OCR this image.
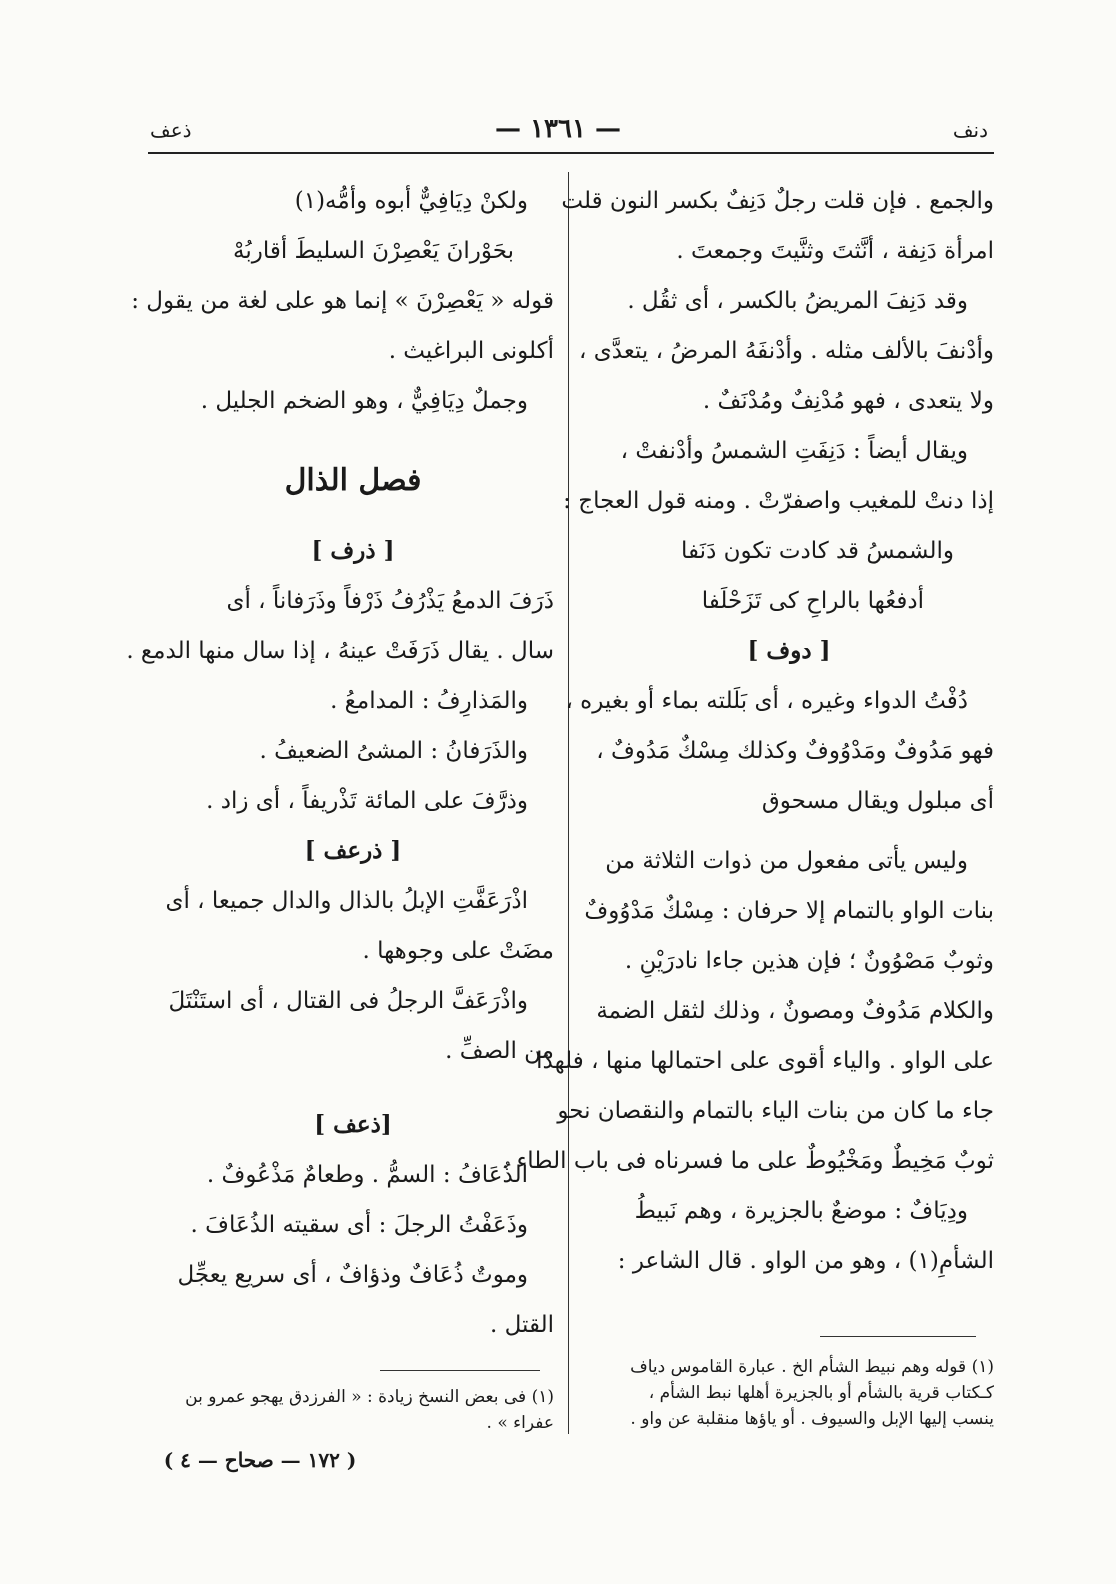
دنف
— ١٣٦١ —
ذعف
والجمع . فإن قلت رجلٌ دَنِفٌ بكسر النون قلت
امرأة دَنِفة ، أنَّثتَ وثنَّيتَ وجمعتَ .
وقد دَنِفَ المريضُ بالكسر ، أى ثقُل .
وأدْنفَ بالألف مثله . وأدْنفَهُ المرضُ ، يتعدَّى ،
ولا يتعدى ، فهو مُدْنِفٌ ومُدْنَفٌ .
ويقال أيضاً : دَنِفَتِ الشمسُ وأدْنفتْ ،
إذا دنتْ للمغيب واصفرّتْ . ومنه قول العجاج :
والشمسُ قد كادت تكون دَنَفا
أدفعُها بالراحِ كى تَزَحْلَفا
[ دوف ]
دُفْتُ الدواء وغيره ، أى بَلَلته بماء أو بغيره ،
فهو مَدُوفٌ ومَدْوُوفٌ وكذلك مِسْكٌ مَدُوفٌ ،
أى مبلول ويقال مسحوق
وليس يأتى مفعول من ذوات الثلاثة من
بنات الواو بالتمام إلا حرفان : مِسْكٌ مَدْوُوفٌ
وثوبٌ مَصْوُونٌ ؛ فإن هذين جاءا نادرَيْنِ .
والكلام مَدُوفٌ ومصونٌ ، وذلك لثقل الضمة
على الواو . والياء أقوى على احتمالها منها ، فلهذا
جاء ما كان من بنات الياء بالتمام والنقصان نحو
ثوبٌ مَخِيطٌ ومَخْيُوطٌ على ما فسرناه فى باب الطاء .
ودِيَافٌ : موضعٌ بالجزيرة ، وهم نَبيطُ
الشأمِ(١) ، وهو من الواو . قال الشاعر :
(١) قوله وهم نبيط الشأم الخ . عبارة القاموس دياف
كـكتاب قرية بالشأم أو بالجزيرة أهلها نبط الشأم ،
ينسب إليها الإبل والسيوف . أو ياؤها منقلبة عن واو .
ولكنْ دِيَافِيٌّ أبوه وأمُّه(١)
بحَوْرانَ يَعْصِرْنَ السليطَ أقاربُهْ
قوله « يَعْصِرْنَ » إنما هو على لغة من يقول :
أكلونى البراغيث .
وجملٌ دِيَافِيٌّ ، وهو الضخم الجليل .
فصل الذال
[ ذرف ]
ذَرَفَ الدمعُ يَذْرُفُ ذَرْفاً وذَرَفاناً ، أى
سال . يقال ذَرَفَتْ عينهُ ، إذا سال منها الدمع .
والمَذارِفُ : المدامعُ .
والذَرَفانُ : المشىُ الضعيفُ .
وذرَّفَ على المائة تَذْريفاً ، أى زاد .
[ ذرعف ]
اذْرَعَفَّتِ الإبلُ بالذال والدال جميعا ، أى
مضَتْ على وجوهها .
واذْرَعَفَّ الرجلُ فى القتال ، أى استَنْتَلَ
من الصفِّ .
[ذعف ]
الذُعَافُ : السمُّ . وطعامٌ مَذْعُوفٌ .
وذَعَفْتُ الرجلَ : أى سقيته الذُعَافَ .
وموتٌ ذُعَافٌ وذؤافٌ ، أى سريع يعجِّل
القتل .
(١) فى بعض النسخ زيادة : « الفرزدق يهجو عمرو بن
عفراء » .
( ١٧٢ — صحاح — ٤ )
